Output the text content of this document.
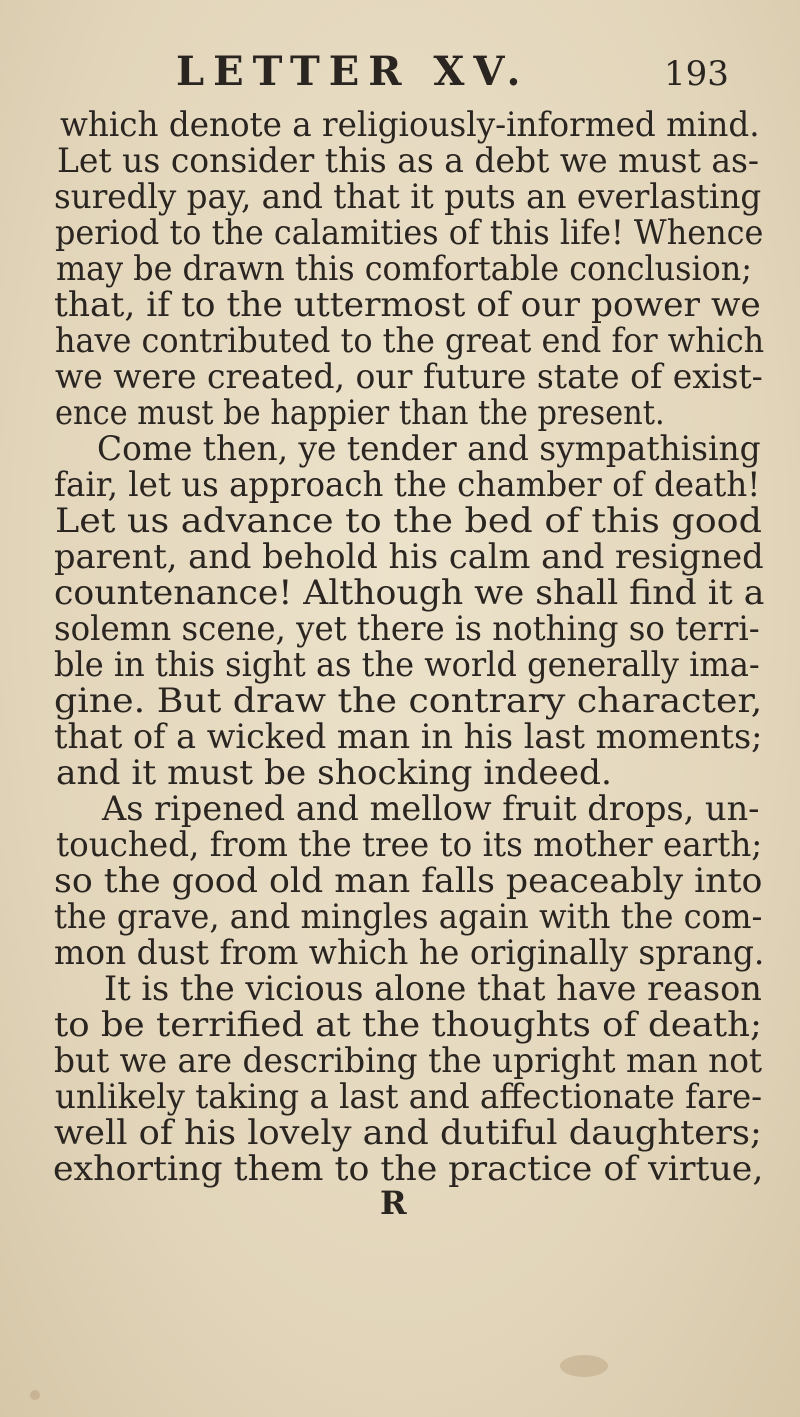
LETTER XV.	193
which denote a religiously-informed mind.
Let us consider this as a debt we must as-
suredly pay, and that it puts an everlasting
period to the calamities of this life! Whence
may be drawn this comfortable conclusion;
that, if to the uttermost of our power we
have contributed to the great end for which
we were created, our future state of exist-
ence must be happier than the present.
Come then, ye tender and sympathising
fair, let us approach the chamber of death!
Let us advance to the bed of this good
parent, and behold his calm and resigned
countenance! Although we shall find it a
solemn scene, yet there is nothing so terri-
ble in this sight as the world generally ima-
gine. But draw the contrary character,
that of a wicked man in his last moments;
and it must be shocking indeed.
As ripened and mellow fruit drops, un-
touched, from the tree to its mother earth;
so the good old man falls peaceably into
the grave, and mingles again with the com-
mon dust from which he originally sprang.
It is the vicious alone that have reason
to be terrified at the thoughts of death;
but we are describing the upright man not
unlikely taking a last and affectionate fare-
well of his lovely and dutiful daughters;
exhorting them to the practice of virtue,
R
